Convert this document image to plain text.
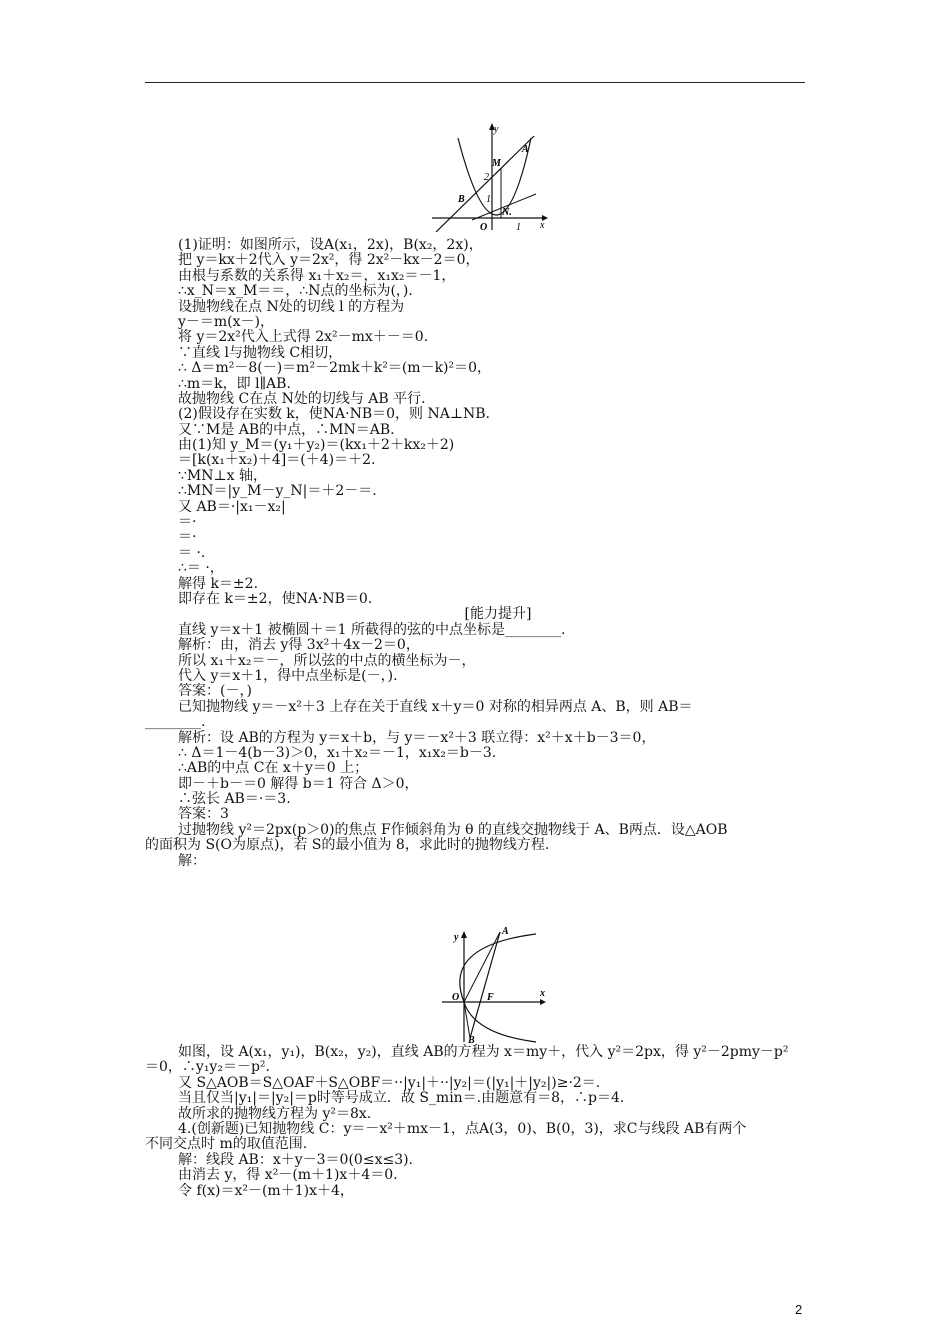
y
x
A
M
B
N.
O
2
1
1
(1)证明：如图所示，设A(x₁，2x)，B(x₂，2x)，
把 y＝kx＋2代入 y＝2x²，得 2x²－kx－2＝0，
由根与系数的关系得 x₁＋x₂＝，x₁x₂＝－1，
∴x_N＝x_M＝＝，∴N点的坐标为(，).
设抛物线在点 N处的切线 l 的方程为
y－＝m(x－)，
将 y＝2x²代入上式得 2x²－mx＋－＝0.
∵直线 l与抛物线 C相切，
∴ Δ＝m²－8(－)＝m²－2mk＋k²＝(m－k)²＝0，
∴m＝k，即 l∥AB.
故抛物线 C在点 N处的切线与 AB 平行.
(2)假设存在实数 k，使NA·NB＝0，则 NA⊥NB.
又∵M是 AB的中点，∴MN＝AB.
由(1)知 y_M＝(y₁＋y₂)＝(kx₁＋2＋kx₂＋2)
＝[k(x₁＋x₂)＋4]＝(＋4)＝＋2.
∵MN⊥x 轴，
∴MN＝|y_M－y_N|＝＋2－＝.
又 AB＝·|x₁－x₂|
＝·
＝·
＝ ·.
∴＝ ·，
解得 k＝±2.
即存在 k＝±2，使NA·NB＝0.
[能力提升]
直线 y＝x＋1 被椭圆＋＝1 所截得的弦的中点坐标是________.
解析：由，消去 y得 3x²＋4x－2＝0，
所以 x₁＋x₂＝－，所以弦的中点的横坐标为－，
代入 y＝x＋1，得中点坐标是(－，).
答案：(－，)
已知抛物线 y＝－x²＋3 上存在关于直线 x＋y＝0 对称的相异两点 A、B，则 AB＝
________.
解析：设 AB的方程为 y＝x＋b，与 y＝－x²＋3 联立得：x²＋x＋b－3＝0，
∴ Δ＝1－4(b－3)＞0，x₁＋x₂＝－1，x₁x₂＝b－3.
∴AB的中点 C在 x＋y＝0 上；
即－＋b－＝0 解得 b＝1 符合 Δ＞0，
∴弦长 AB＝·＝3.
答案：3
过抛物线 y²＝2px(p＞0)的焦点 F作倾斜角为 θ 的直线交抛物线于 A、B两点．设△AOB
的面积为 S(O为原点)，若 S的最小值为 8，求此时的抛物线方程.
解：
y
x
A
O	F
B
如图，设 A(x₁，y₁)，B(x₂，y₂)，直线 AB的方程为 x＝my＋，代入 y²＝2px，得 y²－2pmy－p²
＝0，∴y₁y₂＝－p².
又 S△AOB＝S△OAF＋S△OBF＝··|y₁|＋··|y₂|＝(|y₁|＋|y₂|)≥·2＝.
当且仅当|y₁|＝|y₂|＝p时等号成立．故 S_min＝.由题意有＝8，∴p＝4.
故所求的抛物线方程为 y²＝8x.
4.(创新题)已知抛物线 C：y＝－x²＋mx－1，点A(3，0)、B(0，3)，求C与线段 AB有两个
不同交点时 m的取值范围.
解：线段 AB：x＋y－3＝0(0≤x≤3).
由消去 y，得 x²－(m＋1)x＋4＝0.
令 f(x)＝x²－(m＋1)x＋4，
2
